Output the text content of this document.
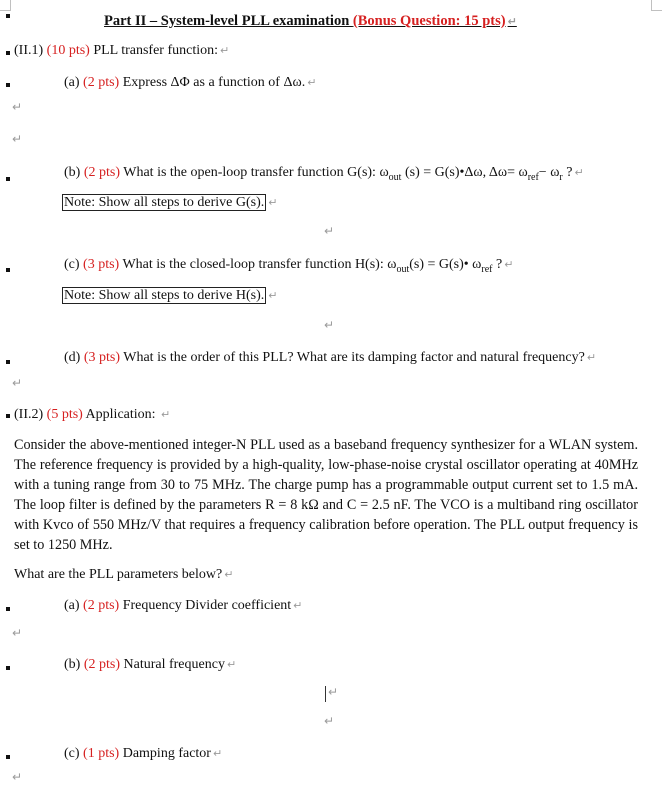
Part II – System-level PLL examination (Bonus Question: 15 pts) ↵
(II.1) (10 pts) PLL transfer function: ↵
(a) (2 pts) Express ΔΦ as a function of Δω. ↵
↵
↵
(b) (2 pts) What is the open-loop transfer function G(s): $\omega_{out}$ (s) = G(s)•Δω, $\Delta\omega= \omega_{ref}- \omega_r$ ? ↵
Note: Show all steps to derive G(s). ↵
↵
(c) (3 pts) What is the closed-loop transfer function H(s): $\omega_{out}(s)$ = G(s)• $\omega_{ref}$ ? ↵
Note: Show all steps to derive H(s). ↵
↵
(d) (3 pts) What is the order of this PLL? What are its damping factor and natural frequency? ↵
↵
(II.2) (5 pts) Application: ↵
Consider the above-mentioned integer-N PLL used as a baseband frequency synthesizer for a WLAN system. The reference frequency is provided by a high-quality, low-phase-noise crystal oscillator operating at 40MHz with a tuning range from 30 to 75 MHz. The charge pump has a programmable output current set to 1.5 mA. The loop filter is defined by the parameters R = 8 kΩ and C = 2.5 nF. The VCO is a multiband ring oscillator with Kvco of 550 MHz/V that requires a frequency calibration before operation. The PLL output frequency is set to 1250 MHz.
What are the PLL parameters below? ↵
(a) (2 pts) Frequency Divider coefficient ↵
↵
(b) (2 pts) Natural frequency ↵
↵
↵
(c) (1 pts) Damping factor ↵
↵
